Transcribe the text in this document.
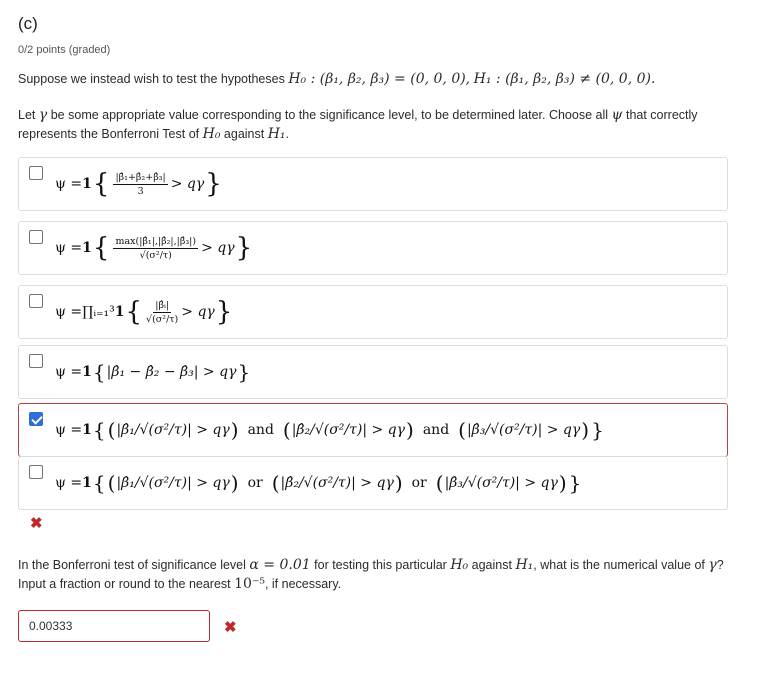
(c)
0/2 points (graded)
Suppose we instead wish to test the hypotheses H₀ : (β₁, β₂, β₃) = (0, 0, 0), H₁ : (β₁, β₂, β₃) ≠ (0, 0, 0).
Let γ be some appropriate value corresponding to the significance level, to be determined later. Choose all ψ that correctly represents the Bonferroni Test of H₀ against H₁.
ψ = 1 { $\frac{\text{|β̂₁+β̂₂+β̂₃|}}{3} > q\gamma$ }
ψ = 1 { $\frac{\text{max(|β̂₁|,|β̂₂|,|β̂₃|)}}{\text{√(σ²/τ)}} > q\gamma$ }
ψ = ∏ᵢ₌₁³ 1 { $\frac{\text{|β̂ᵢ|}}{\text{√(σ²/τ)}} > q\gamma$ }
ψ = 1 { |β̂₁ − β̂₂ − β̂₃| > qγ }
ψ = 1 { ( |β̂₁/√(σ²/τ)| > qγ ) and ( |β̂₂/√(σ²/τ)| > qγ ) and ( |β̂₃/√(σ²/τ)| > qγ ) }
ψ = 1 { ( |β̂₁/√(σ²/τ)| > qγ ) or ( |β̂₂/√(σ²/τ)| > qγ ) or ( |β̂₃/√(σ²/τ)| > qγ ) }
✖
In the Bonferroni test of significance level α = 0.01 for testing this particular H₀ against H₁, what is the numerical value of γ? Input a fraction or round to the nearest 10⁻⁵, if necessary.
0.00333	✖
